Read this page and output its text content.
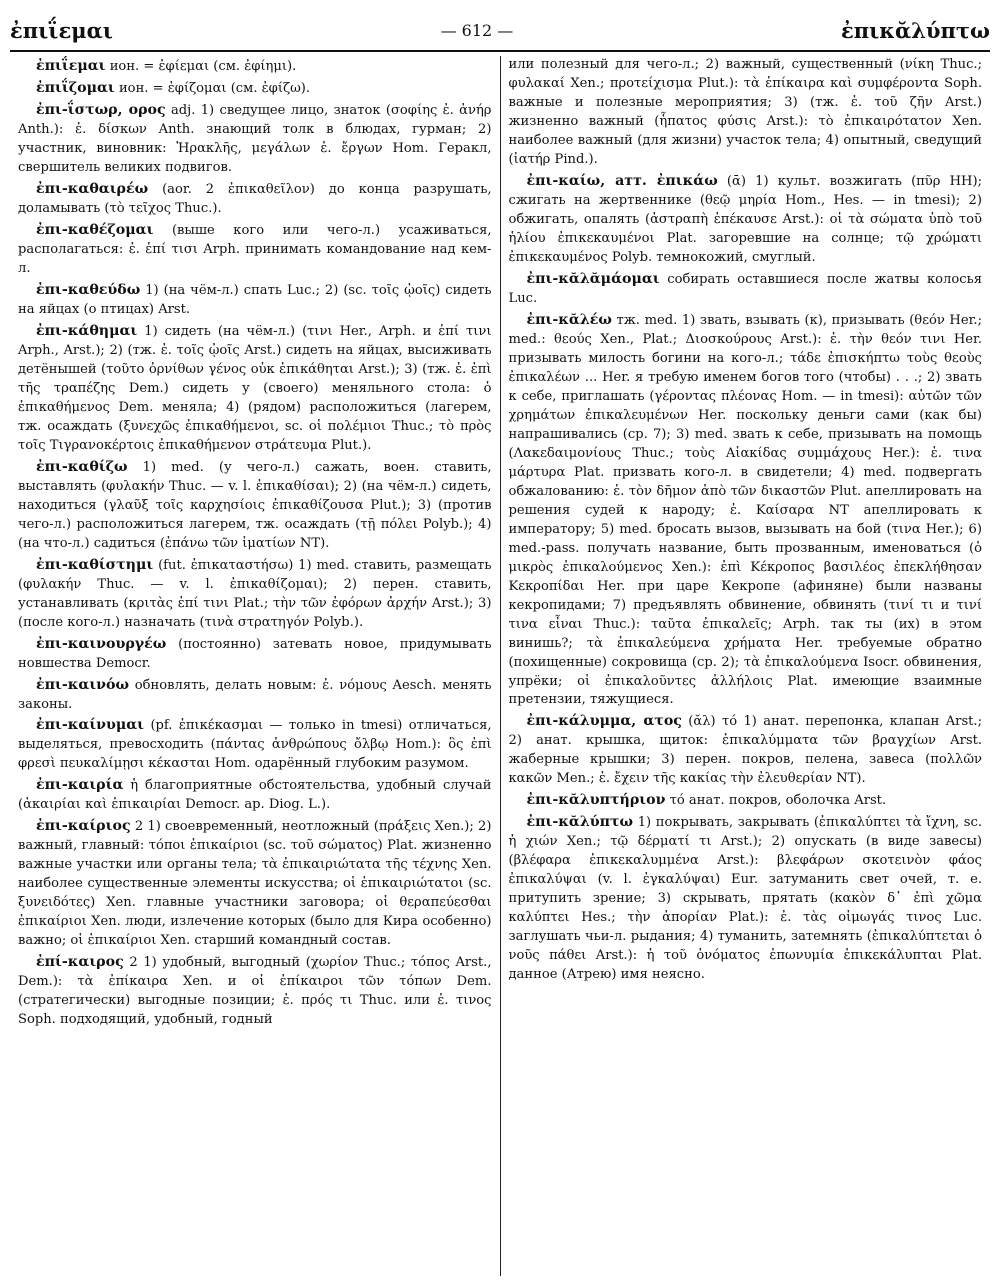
ἐπιΐεμαι	— 612 —	ἐπικᾰλύπτω

ἐπιΐεμαι ион. = ἐφίεμαι (см. ἐφίημι).

ἐπιΐζομαι ион. = ἐφίζομαι (см. ἐφίζω).

ἐπι-ΐστωρ, ορος adj. 1) сведущее лицо, знаток (σοφίης ἐ. ἀνήρ Anth.): ἐ. δίσκων Anth. знающий толк в блюдах, гурман; 2) участник, виновник: Ἡρακλῆς, μεγάλων ἐ. ἔργων Hom. Геракл, свершитель великих подвигов.

ἐπι-καθαιρέω (aor. 2 ἐπικαθεῖλον) до конца разрушать, доламывать (τὸ τεῖχος Thuc.).

ἐπι-καθέζομαι (выше кого или чего-л.) усаживаться, располагаться: ἐ. ἐπί τισι Arph. принимать командование над кем-л.

ἐπι-καθεύδω 1) (на чём-л.) спать Luc.; 2) (sc. τοῖς ᾠοῖς) сидеть на яйцах (о птицах) Arst.

ἐπι-κάθημαι 1) сидеть (на чём-л.) (τινι Her., Arph. и ἐπί τινι Arph., Arst.); 2) (тж. ἐ. τοῖς ᾠοῖς Arst.) сидеть на яйцах, высиживать детёнышей (τοῦτο ὀρνίθων γένος οὐκ ἐπικάθηται Arst.); 3) (тж. ἐ. ἐπὶ τῆς τραπέζης Dem.) сидеть у (своего) меняльного стола: ὁ ἐπικαθήμενος Dem. меняла; 4) (рядом) расположиться (лагерем, тж. осаждать (ξυνεχῶς ἐπικαθήμενοι, sc. οἱ πολέμιοι Thuc.; τὸ πρὸς τοῖς Τιγρανοκέρτοις ἐπικαθήμενον στράτευμα Plut.).

ἐπι-καθίζω 1) med. (у чего-л.) сажать, воен. ставить, выставлять (φυλακήν Thuc. — v. l. ἐπικαθίσαι); 2) (на чём-л.) сидеть, находиться (γλαῦξ τοῖς καρχησίοις ἐπικαθίζουσα Plut.); 3) (против чего-л.) расположиться лагерем, тж. осаждать (τῇ πόλει Polyb.); 4) (на что-л.) садиться (ἐπάνω τῶν ἱματίων NT).

ἐπι-καθίστημι (fut. ἐπικαταστήσω) 1) med. ставить, размещать (φυλακήν Thuc. — v. l. ἐπικαθίζομαι); 2) перен. ставить, устанавливать (κριτὰς ἐπί τινι Plat.; τὴν τῶν ἐφόρων ἀρχήν Arst.); 3) (после кого-л.) назначать (τινὰ στρατηγόν Polyb.).

ἐπι-καινουργέω (постоянно) затевать новое, придумывать новшества Democr.

ἐπι-καινόω обновлять, делать новым: ἐ. νόμους Aesch. менять законы.

ἐπι-καίνυμαι (pf. ἐπικέκασμαι — только in tmesi) отличаться, выделяться, превосходить (πάντας ἀνθρώπους ὄλβῳ Hom.): ὃς ἐπὶ φρεσὶ πευκαλίμῃσι κέκασται Hom. одарённый глубоким разумом.

ἐπι-καιρία ἡ благоприятные обстоятельства, удобный случай (ἀκαιρίαι καὶ ἐπικαιρίαι Democr. ap. Diog. L.).

ἐπι-καίριος 2 1) своевременный, неотложный (πράξεις Xen.); 2) важный, главный: τόποι ἐπικαίριοι (sc. τοῦ σώματος) Plat. жизненно важные участки или органы тела; τὰ ἐπικαιριώτατα τῆς τέχνης Xen. наиболее существенные элементы искусства; οἱ ἐπικαιριώτατοι (sc. ξυνειδότες) Xen. главные участники заговора; οἱ θεραπεύεσθαι ἐπικαίριοι Xen. люди, излечение которых (было для Кира особенно) важно; οἱ ἐπικαίριοι Xen. старший командный состав.

ἐπί-καιρος 2 1) удобный, выгодный (χωρίον Thuc.; τόπος Arst., Dem.): τὰ ἐπίκαιρα Xen. и οἱ ἐπίκαιροι τῶν τόπων Dem. (стратегически) выгодные позиции; ἐ. πρός τι Thuc. или ἐ. τινος Soph. подходящий, удобный, годный

или полезный для чего-л.; 2) важный, существенный (νίκη Thuc.; φυλακαί Xen.; προτείχισμα Plut.): τὰ ἐπίκαιρα καὶ συμφέροντα Soph. важные и полезные мероприятия; 3) (тж. ἐ. τοῦ ζῆν Arst.) жизненно важный (ἧπατος φύσις Arst.): τὸ ἐπικαιρότατον Xen. наиболее важный (для жизни) участок тела; 4) опытный, сведущий (ἰατήρ Pind.).

ἐπι-καίω, атт. ἐπικάω (ᾱ) 1) культ. возжигать (πῦρ HH); сжигать на жертвеннике (θεῷ μηρία Hom., Hes. — in tmesi); 2) обжигать, опалять (ἀστραπὴ ἐπέκαυσε Arst.): οἱ τὰ σώματα ὑπὸ τοῦ ἡλίου ἐπικεκαυμένοι Plat. загоревшие на солнце; τῷ χρώματι ἐπικεκαυμένος Polyb. темнокожий, смуглый.

ἐπι-κᾰλᾰμάομαι собирать оставшиеся после жатвы колосья Luc.

ἐπι-κᾰλέω тж. med. 1) звать, взывать (к), призывать (θεόν Her.; med.: θεούς Xen., Plat.; Διοσκούρους Arst.): ἐ. τὴν θεόν τινι Her. призывать милость богини на кого-л.; τάδε ἐπισκήπτω τοὺς θεοὺς ἐπικαλέων ... Her. я требую именем богов того (чтобы) . . .; 2) звать к себе, приглашать (γέροντας πλέονας Hom. — in tmesi): αὐτῶν τῶν χρημάτων ἐπικαλευμένων Her. поскольку деньги сами (как бы) напрашивались (ср. 7); 3) med. звать к себе, призывать на помощь (Λακεδαιμονίους Thuc.; τοὺς Αἰακίδας συμμάχους Her.): ἐ. τινα μάρτυρα Plat. призвать кого-л. в свидетели; 4) med. подвергать обжалованию: ἐ. τὸν δῆμον ἀπὸ τῶν δικαστῶν Plut. апеллировать на решения судей к народу; ἐ. Καίσαρα NT апеллировать к императору; 5) med. бросать вызов, вызывать на бой (τινα Her.); 6) med.-pass. получать название, быть прозванным, именоваться (ὁ μικρὸς ἐπικαλούμενος Xen.): ἐπὶ Κέκροπος βασιλέος ἐπεκλήθησαν Κεκροπίδαι Her. при царе Кекропе (афиняне) были названы кекропидами; 7) предъявлять обвинение, обвинять (τινί τι и τινί τινα εἶναι Thuc.): ταῦτα ἐπικαλεῖς; Arph. так ты (их) в этом винишь?; τὰ ἐπικαλεύμενα χρήματα Her. требуемые обратно (похищенные) сокровища (ср. 2); τὰ ἐπικαλούμενα Isocr. обвинения, упрёки; οἱ ἐπικαλοῦντες ἀλλήλοις Plat. имеющие взаимные претензии, тяжущиеся.

ἐπι-κάλυμμα, ατος (ᾰλ) τό 1) анат. перепонка, клапан Arst.; 2) анат. крышка, щиток: ἐπικαλύμματα τῶν βραγχίων Arst. жаберные крышки; 3) перен. покров, пелена, завеса (πολλῶν κακῶν Men.; ἐ. ἔχειν τῆς κακίας τὴν ἐλευθερίαν NT).

ἐπι-κᾰλυπτήριον τό анат. покров, оболочка Arst.

ἐπι-κᾰλύπτω 1) покрывать, закрывать (ἐπικαλύπτει τὰ ἴχνη, sc. ἡ χιών Xen.; τῷ δέρματί τι Arst.); 2) опускать (в виде завесы) (βλέφαρα ἐπικεκαλυμμένα Arst.): βλεφάρων σκοτεινὸν φάος ἐπικαλύψαι (v. l. ἐγκαλύψαι) Eur. затуманить свет очей, т. е. притупить зрение; 3) скрывать, прятать (κακὸν δ᾽ ἐπὶ χῶμα καλύπτει Hes.; τὴν ἀπορίαν Plat.): ἐ. τὰς οἰμωγάς τινος Luc. заглушать чьи-л. рыдания; 4) туманить, затемнять (ἐπικαλύπτεται ὁ νοῦς πάθει Arst.): ἡ τοῦ ὀνόματος ἐπωνυμία ἐπικεκάλυπται Plat. данное (Атрею) имя неясно.
